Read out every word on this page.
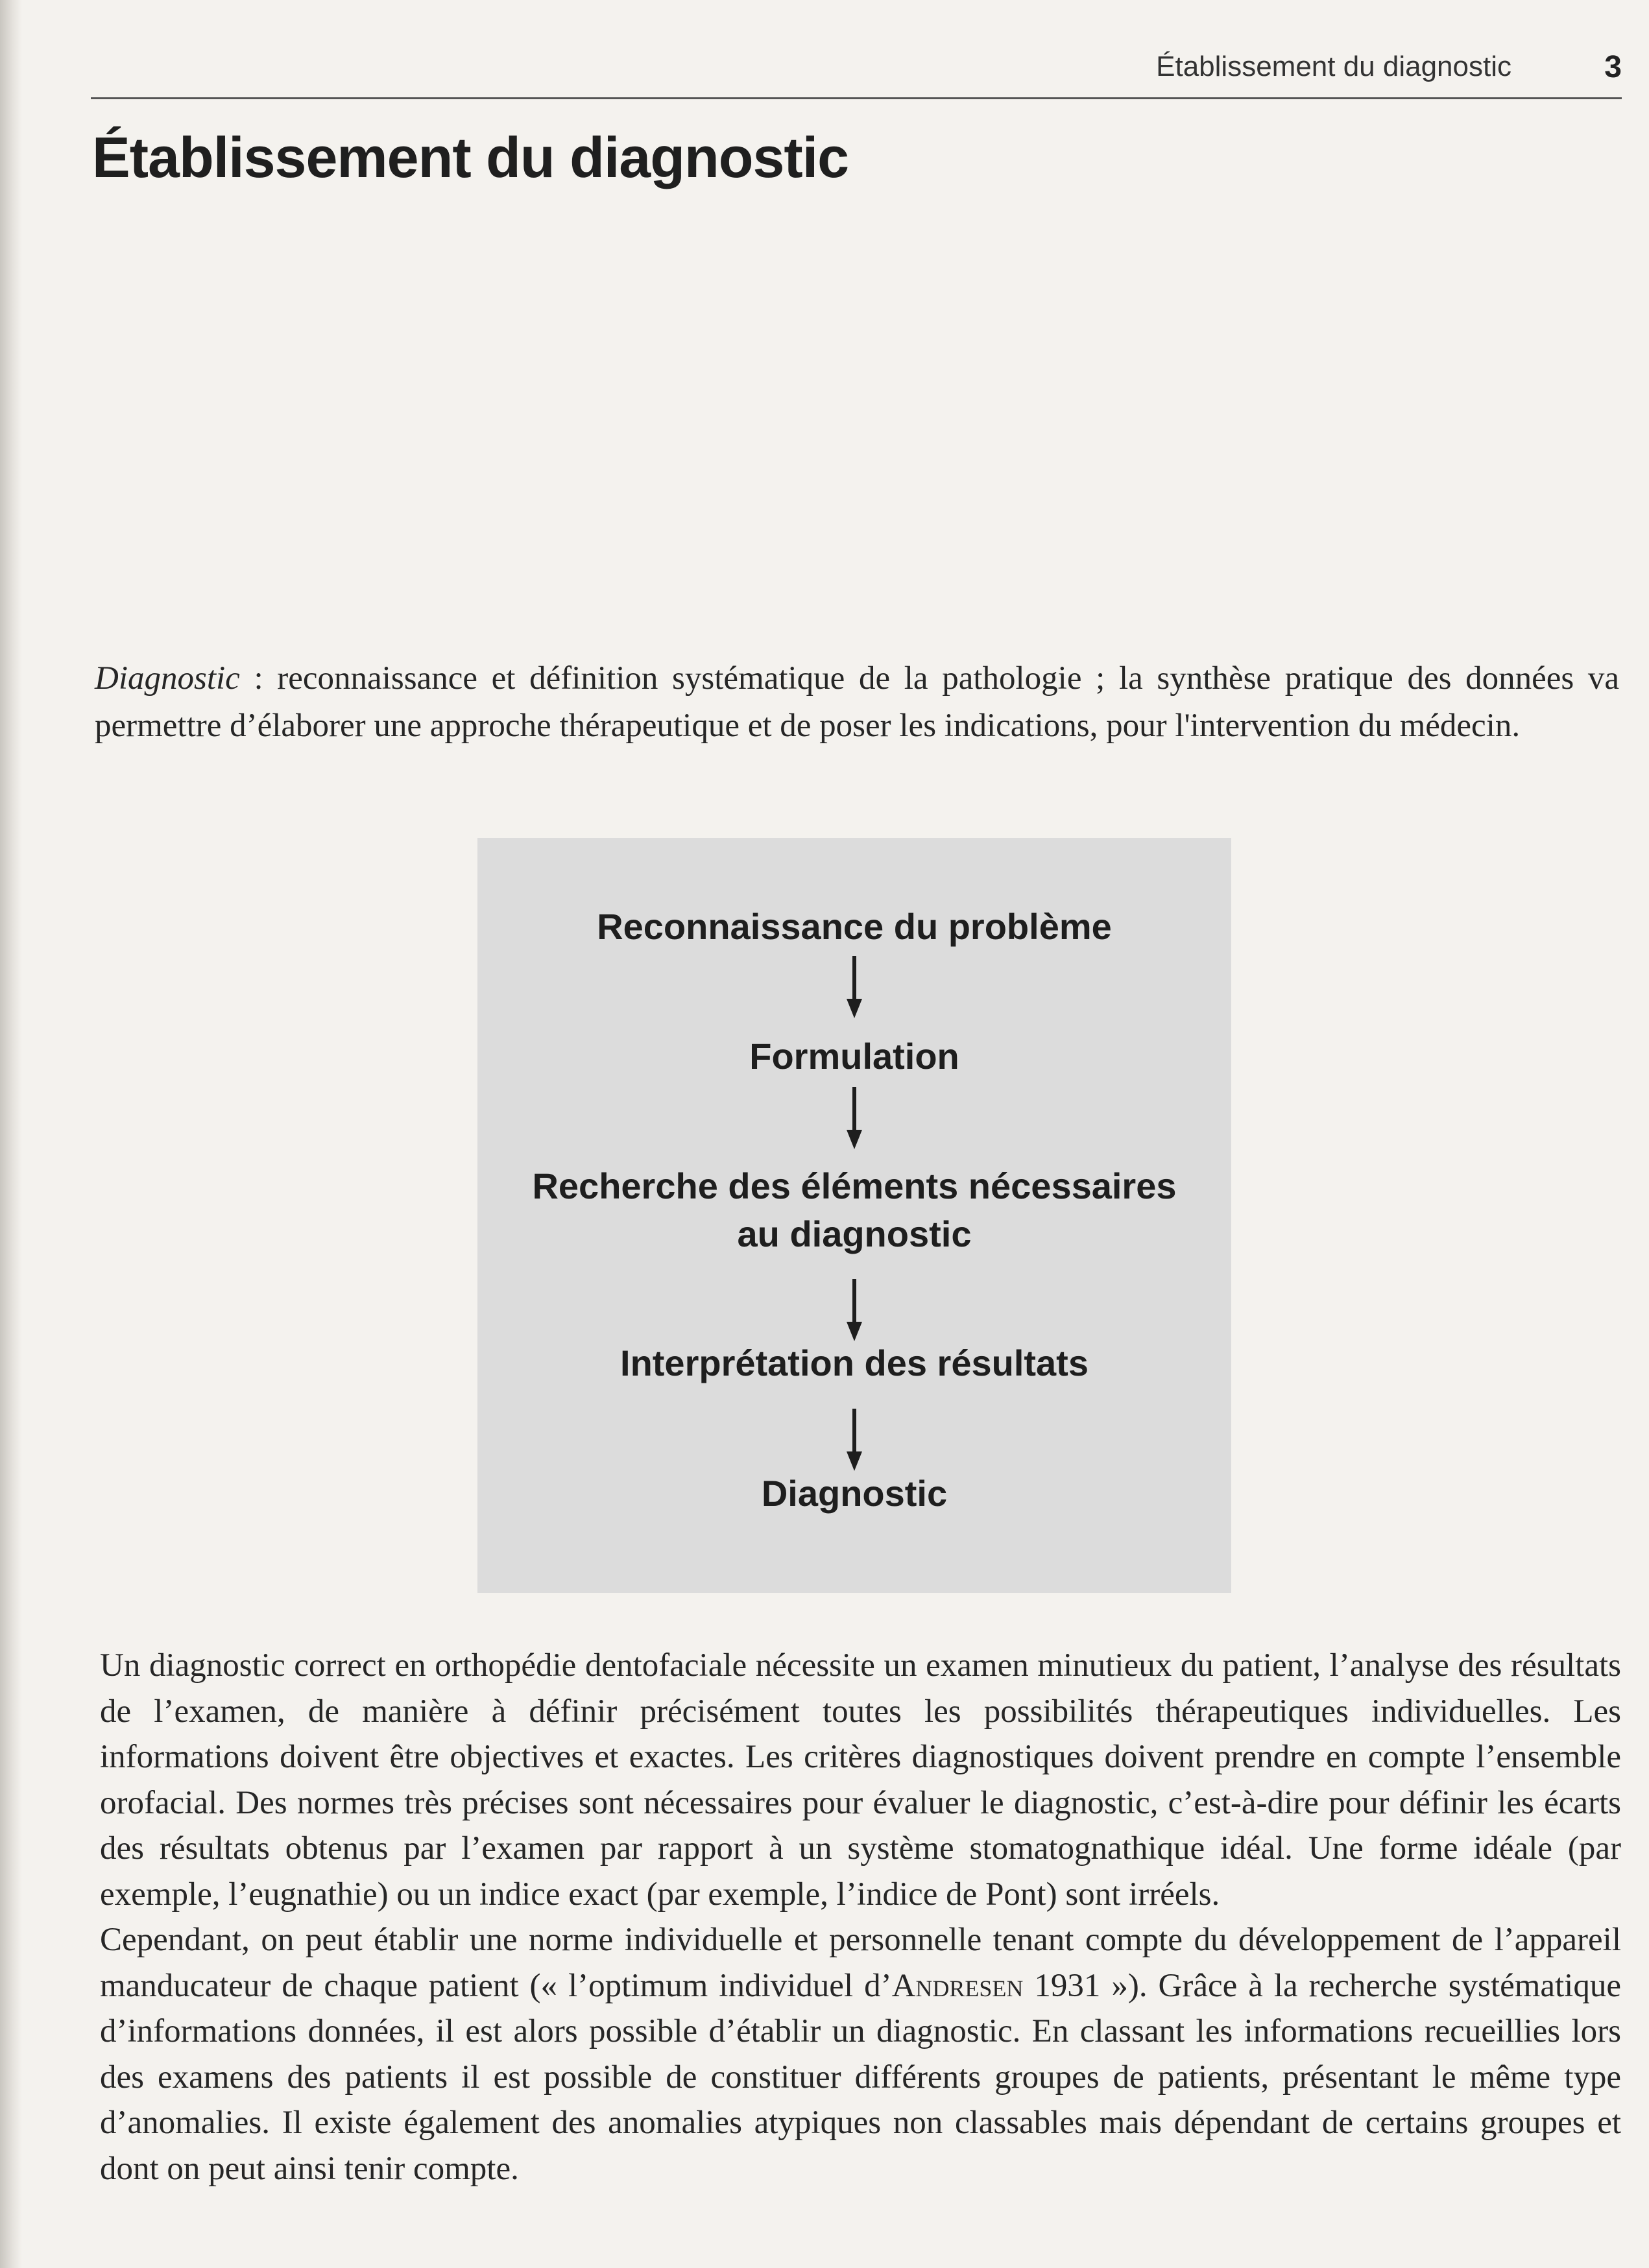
Établissement du diagnostic	3
Établissement du diagnostic
Diagnostic : reconnaissance et définition systématique de la pathologie ; la synthèse pratique des données va permettre d’élaborer une approche thérapeutique et de poser les indications, pour l'intervention du médecin.
Reconnaissance du problème
Formulation
Recherche des éléments nécessaires
au diagnostic
Interprétation des résultats
Diagnostic

Un diagnostic correct en orthopédie dentofaciale nécessite un examen minutieux du patient, l’analyse des résultats de l’examen, de manière à définir précisément toutes les possibilités thérapeutiques individuelles. Les informations doivent être objectives et exactes. Les critères diagnostiques doivent prendre en compte l’ensemble orofacial. Des normes très précises sont nécessaires pour évaluer le diagnostic, c’est-à-dire pour définir les écarts des résultats obtenus par l’examen par rapport à un système stomatognathique idéal. Une forme idéale (par exemple, l’eugnathie) ou un indice exact (par exemple, l’indice de Pont) sont irréels.

Cependant, on peut établir une norme individuelle et personnelle tenant compte du développement de l’appareil manducateur de chaque patient (« l’optimum individuel d’Andresen 1931 »). Grâce à la recherche systématique d’informations données, il est alors possible d’établir un diagnostic. En classant les informations recueillies lors des examens des patients il est possible de constituer différents groupes de patients, présentant le même type d’anomalies. Il existe également des anomalies atypiques non classables mais dépendant de certains groupes et dont on peut ainsi tenir compte.
